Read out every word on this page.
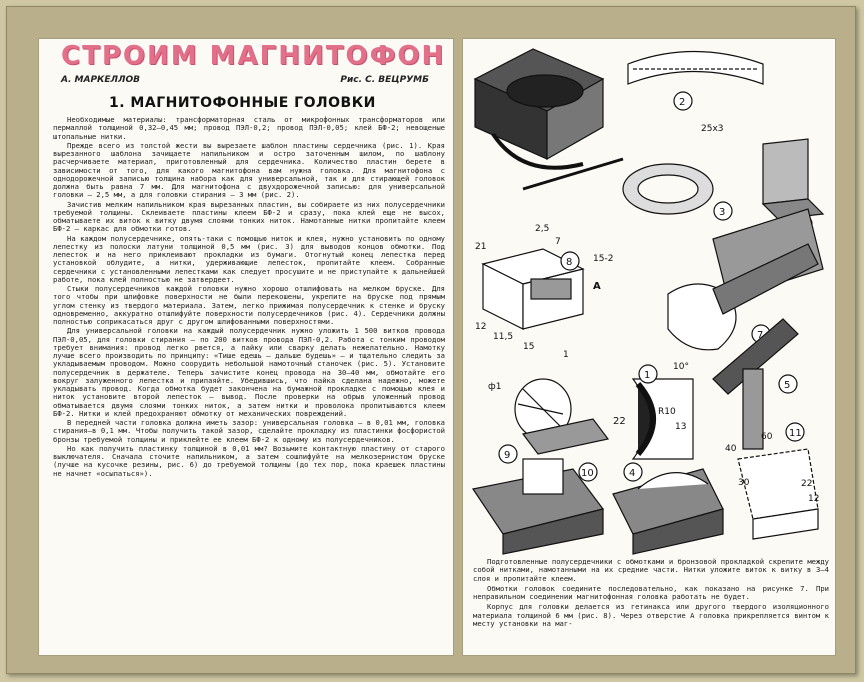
СТРОИМ МАГНИТОФОН
А. МАРКЕЛЛОВ	Рис. С. ВЕЦРУМБ
1. МАГНИТОФОННЫЕ ГОЛОВКИ

Необходимые материалы: трансформаторная сталь от микрофонных трансформаторов или пермаллой толщиной 0,32—0,45 мм; провод ПЭЛ-0,2; провод ПЭЛ-0,05; клей БФ-2; невощеные штопальные нитки.

Прежде всего из толстой жести вы вырезаете шаблон пластины сердечника (рис. 1). Края вырезанного шаблона зачищаете напильником и остро заточенным шилом, по шаблону расчерчиваете материал, приготовленный для сердечника. Количество пластин берете в зависимости от того, для какого магнитофона вам нужна головка. Для магнитофона с однодорожечной записью толщина набора как для универсальной, так и для стирающей головок должна быть равна 7 мм. Для магнитофона с двухдорожечной записью: для универсальной головки — 2,5 мм, а для головки стирания — 3 мм (рис. 2).

Зачистив мелким напильником края вырезанных пластин, вы собираете из них полусердечники требуемой толщины. Склеиваете пластины клеем БФ-2 и сразу, пока клей еще не высох, обматываете их виток к витку двумя слоями тонких ниток. Намотанные нитки пропитайте клеем БФ-2 — каркас для обмотки готов.

На каждом полусердечнике, опять-таки с помощью ниток и клея, нужно установить по одному лепестку из полоски латуни толщиной 0,5 мм (рис. 3) для выводов концов обмотки. Под лепесток и на него приклеивают прокладки из бумаги. Отогнутый конец лепестка перед установкой облудите, а нитки, удерживающие лепесток, пропитайте клеем. Собранные сердечники с установленными лепестками как следует просушите и не приступайте к дальнейшей работе, пока клей полностью не затвердеет.

Стыки полусердечников каждой головки нужно хорошо отшлифовать на мелком бруске. Для того чтобы при шлифовке поверхности не были перекошены, укрепите на бруске под прямым углом стенку из твердого материала. Затем, легко прижимая полусердечник к стенке и бруску одновременно, аккуратно отшлифуйте поверхности полусердечников (рис. 4). Сердечники должны полностью соприкасаться друг с другом шлифованными поверхностями.

Для универсальной головки на каждый полусердечник нужно уложить 1 500 витков провода ПЭЛ-0,05, для головки стирания — по 200 витков провода ПЭЛ-0,2. Работа с тонким проводом требует внимания: провод легко рвется, а пайку или сварку делать нежелательно. Намотку лучше всего производить по принципу: «Тише едешь — дальше будешь» — и тщательно следить за укладываемым проводом. Можно соорудить небольшой намоточный станочек (рис. 5). Установите полусердечник в держателе. Теперь зачистите конец провода на 30—40 мм, обмотайте его вокруг залуженного лепестка и припаяйте. Убедившись, что пайка сделана надежно, можете укладывать провод. Когда обмотка будет закончена на бумажной прокладке с помощью клея и ниток установите второй лепесток — вывод. После проверки на обрыв уложенный провод обматывается двумя слоями тонких ниток, а затем нитки и проволока пропитываются клеем БФ-2. Нитки и клей предохраняют обмотку от механических повреждений.

В передней части головка должна иметь зазор: универсальная головка — в 0,01 мм, головка стирания—в 0,1 мм. Чтобы получить такой зазор, сделайте прокладку из пластинки фосфористой бронзы требуемой толщины и приклейте ее клеем БФ-2 к одному из полусердечников.

Но как получить пластинку толщиной в 0,01 мм? Возьмите контактную пластину от старого выключателя. Сначала сточите напильником, а затем сошлифуйте на мелкозернистом бруске (лучше на кусочке резины, рис. 6) до требуемой толщины (до тех пор, пока краешек пластины не начнет «осыпаться»).

2
25х3
3
7
8
21
2,5
7
15-2
А
12
11,5
15
1
1
22
R10
13
10°
9
ф1	5
11
60
40
22
30
12
10	4

Подготовленные полусердечники с обмотками и бронзовой прокладкой скрепите между собой нитками, намотанными на их средние части. Нитки уложите виток к витку в 3—4 слоя и пропитайте клеем.

Обмотки головок соедините последовательно, как показано на рисунке 7. При неправильном соединении магнитофонная головка работать не будет.

Корпус для головки делается из гетинакса или другого твердого изоляционного материала толщиной 6 мм (рис. 8). Через отверстие А головка прикрепляется винтом к месту установки на маг-
